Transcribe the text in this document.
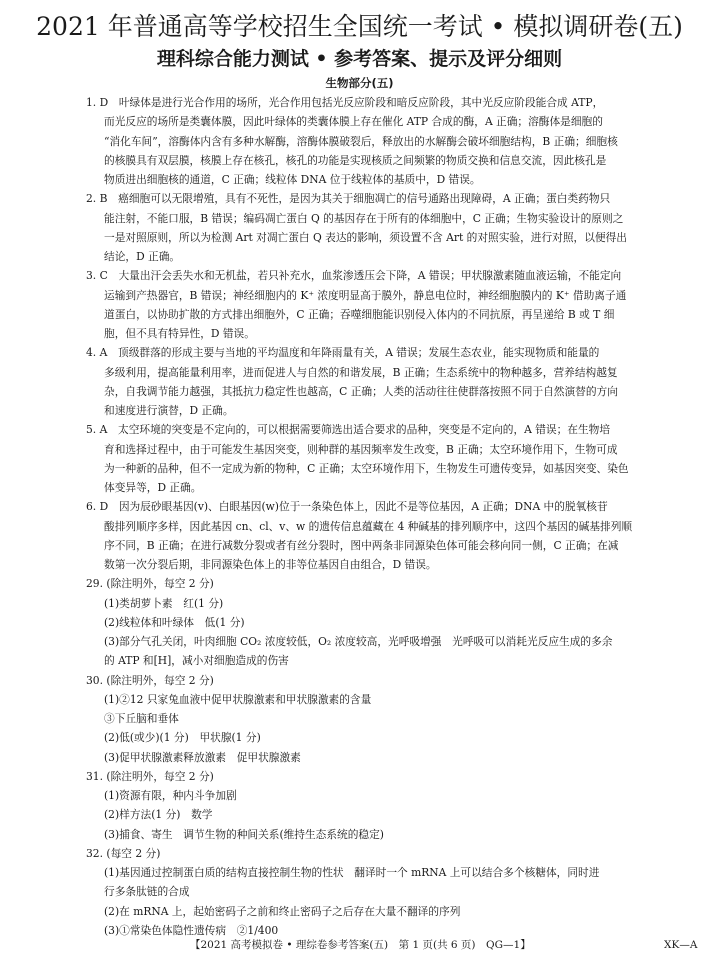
2021 年普通高等学校招生全国统一考试 • 模拟调研卷(五)
理科综合能力测试 • 参考答案、提示及评分细则
生物部分(五)
1. D　叶绿体是进行光合作用的场所，光合作用包括光反应阶段和暗反应阶段，其中光反应阶段能合成 ATP，
而光反应的场所是类囊体膜，因此叶绿体的类囊体膜上存在催化 ATP 合成的酶，A 正确；溶酶体是细胞的
“消化车间”，溶酶体内含有多种水解酶，溶酶体膜破裂后，释放出的水解酶会破坏细胞结构，B 正确；细胞核
的核膜具有双层膜，核膜上存在核孔，核孔的功能是实现核质之间频繁的物质交换和信息交流，因此核孔是
物质进出细胞核的通道，C 正确；线粒体 DNA 位于线粒体的基质中，D 错误。
2. B　癌细胞可以无限增殖，具有不死性，是因为其关于细胞凋亡的信号通路出现障碍，A 正确；蛋白类药物只
能注射，不能口服，B 错误；编码凋亡蛋白 Q 的基因存在于所有的体细胞中，C 正确；生物实验设计的原则之
一是对照原则，所以为检测 Art 对凋亡蛋白 Q 表达的影响，须设置不含 Art 的对照实验，进行对照，以便得出
结论，D 正确。
3. C　大量出汗会丢失水和无机盐，若只补充水，血浆渗透压会下降，A 错误；甲状腺激素随血液运输，不能定向
运输到产热器官，B 错误；神经细胞内的 K⁺ 浓度明显高于膜外，静息电位时，神经细胞膜内的 K⁺ 借助离子通
道蛋白，以协助扩散的方式排出细胞外，C 正确；吞噬细胞能识别侵入体内的不同抗原，再呈递给 B 或 T 细
胞，但不具有特异性，D 错误。
4. A　顶级群落的形成主要与当地的平均温度和年降雨量有关，A 错误；发展生态农业，能实现物质和能量的
多级利用，提高能量利用率，进而促进人与自然的和谐发展，B 正确；生态系统中的物种越多，营养结构越复
杂，自我调节能力越强，其抵抗力稳定性也越高，C 正确；人类的活动往往使群落按照不同于自然演替的方向
和速度进行演替，D 正确。
5. A　太空环境的突变是不定向的，可以根据需要筛选出适合要求的品种，突变是不定向的，A 错误；在生物培
育和选择过程中，由于可能发生基因突变，则种群的基因频率发生改变，B 正确；太空环境作用下，生物可成
为一种新的品种，但不一定成为新的物种，C 正确；太空环境作用下，生物发生可遗传变异，如基因突变、染色
体变异等，D 正确。
6. D　因为辰砂眼基因(v)、白眼基因(w)位于一条染色体上，因此不是等位基因，A 正确；DNA 中的脱氧核苷
酸排列顺序多样，因此基因 cn、cl、v、w 的遗传信息蕴藏在 4 种碱基的排列顺序中，这四个基因的碱基排列顺
序不同，B 正确；在进行减数分裂或者有丝分裂时，图中两条非同源染色体可能会移向同一侧，C 正确；在减
数第一次分裂后期，非同源染色体上的非等位基因自由组合，D 错误。
29. (除注明外，每空 2 分)
(1)类胡萝卜素　红(1 分)
(2)线粒体和叶绿体　低(1 分)
(3)部分气孔关闭，叶肉细胞 CO₂ 浓度较低，O₂ 浓度较高，光呼吸增强　光呼吸可以消耗光反应生成的多余
的 ATP 和[H]，减小对细胞造成的伤害
30. (除注明外，每空 2 分)
(1)②12 只家兔血液中促甲状腺激素和甲状腺激素的含量
③下丘脑和垂体
(2)低(或少)(1 分)　甲状腺(1 分)
(3)促甲状腺激素释放激素　促甲状腺激素
31. (除注明外，每空 2 分)
(1)资源有限，种内斗争加剧
(2)样方法(1 分)　数学
(3)捕食、寄生　调节生物的种间关系(维持生态系统的稳定)
32. (每空 2 分)
(1)基因通过控制蛋白质的结构直接控制生物的性状　翻译时一个 mRNA 上可以结合多个核糖体，同时进
行多条肽链的合成
(2)在 mRNA 上，起始密码子之前和终止密码子之后存在大量不翻译的序列
(3)①常染色体隐性遗传病　②1/400
【2021 高考模拟卷 • 理综卷参考答案(五)　第 1 页(共 6 页)　QG—1】	XK—A
